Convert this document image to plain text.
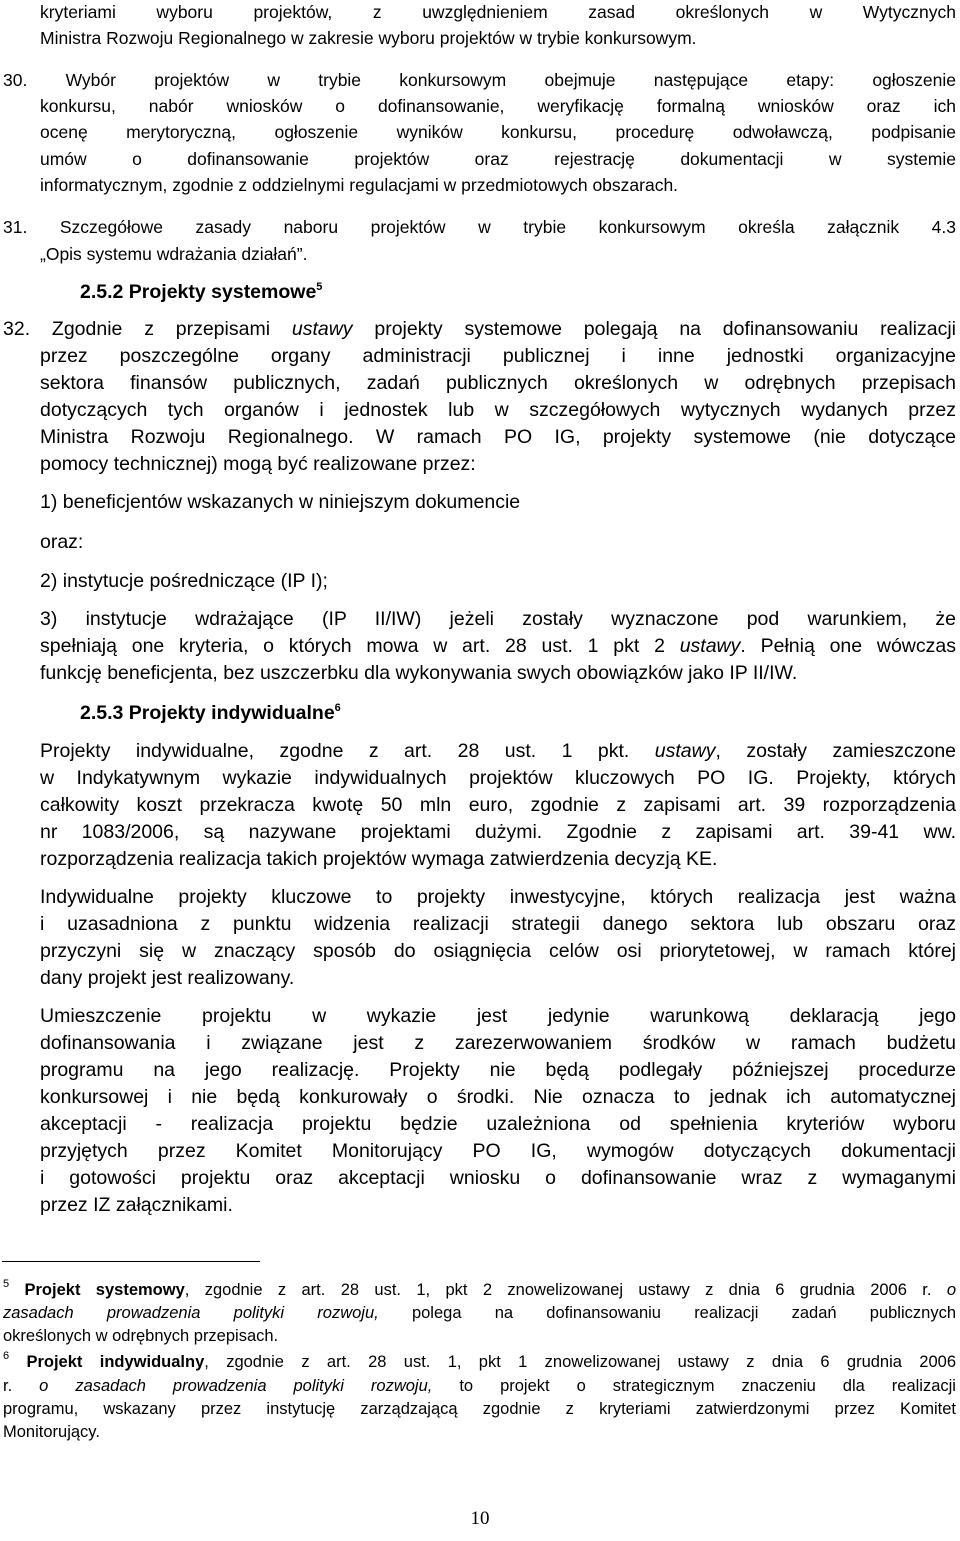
kryteriami wyboru projektów, z uwzględnieniem zasad określonych w Wytycznych
Ministra Rozwoju Regionalnego w zakresie wyboru projektów w trybie konkursowym.
30. Wybór projektów w trybie konkursowym obejmuje następujące etapy: ogłoszenie
konkursu, nabór wniosków o dofinansowanie, weryfikację formalną wniosków oraz ich
ocenę merytoryczną, ogłoszenie wyników konkursu, procedurę odwoławczą, podpisanie
umów o dofinansowanie projektów oraz rejestrację dokumentacji w systemie
informatycznym, zgodnie z oddzielnymi regulacjami w przedmiotowych obszarach.
31. Szczegółowe zasady naboru projektów w trybie konkursowym określa załącznik 4.3
„Opis systemu wdrażania działań”.
2.5.2 Projekty systemowe$^5$
32. Zgodnie z przepisami ustawy projekty systemowe polegają na dofinansowaniu realizacji
przez poszczególne organy administracji publicznej i inne jednostki organizacyjne
sektora finansów publicznych, zadań publicznych określonych w odrębnych przepisach
dotyczących tych organów i jednostek lub w szczegółowych wytycznych wydanych przez
Ministra Rozwoju Regionalnego. W ramach PO IG, projekty systemowe (nie dotyczące
pomocy technicznej) mogą być realizowane przez:
1) beneficjentów wskazanych w niniejszym dokumencie
oraz:
2) instytucje pośredniczące (IP I);
3) instytucje wdrażające (IP II/IW) jeżeli zostały wyznaczone pod warunkiem, że
spełniają one kryteria, o których mowa w art. 28 ust. 1 pkt 2 ustawy. Pełnią one wówczas
funkcję beneficjenta, bez uszczerbku dla wykonywania swych obowiązków jako IP II/IW.
2.5.3 Projekty indywidualne$^6$
Projekty indywidualne, zgodne z art. 28 ust. 1 pkt. ustawy, zostały zamieszczone
w Indykatywnym wykazie indywidualnych projektów kluczowych PO IG. Projekty, których
całkowity koszt przekracza kwotę 50 mln euro, zgodnie z zapisami art. 39 rozporządzenia
nr 1083/2006, są nazywane projektami dużymi. Zgodnie z zapisami art. 39-41 ww.
rozporządzenia realizacja takich projektów wymaga zatwierdzenia decyzją KE.
Indywidualne projekty kluczowe to projekty inwestycyjne, których realizacja jest ważna
i uzasadniona z punktu widzenia realizacji strategii danego sektora lub obszaru oraz
przyczyni się w znaczący sposób do osiągnięcia celów osi priorytetowej, w ramach której
dany projekt jest realizowany.
Umieszczenie projektu w wykazie jest jedynie warunkową deklaracją jego
dofinansowania i związane jest z zarezerwowaniem środków w ramach budżetu
programu na jego realizację. Projekty nie będą podlegały późniejszej procedurze
konkursowej i nie będą konkurowały o środki. Nie oznacza to jednak ich automatycznej
akceptacji - realizacja projektu będzie uzależniona od spełnienia kryteriów wyboru
przyjętych przez Komitet Monitorujący PO IG, wymogów dotyczących dokumentacji
i gotowości projektu oraz akceptacji wniosku o dofinansowanie wraz z wymaganymi
przez IZ załącznikami.
$^5$ Projekt systemowy, zgodnie z art. 28 ust. 1, pkt 2 znowelizowanej ustawy z dnia 6 grudnia 2006 r. o
zasadach prowadzenia polityki rozwoju, polega na dofinansowaniu realizacji zadań publicznych
określonych w odrębnych przepisach.
$^6$ Projekt indywidualny, zgodnie z art. 28 ust. 1, pkt 1 znowelizowanej ustawy z dnia 6 grudnia 2006
r. o zasadach prowadzenia polityki rozwoju, to projekt o strategicznym znaczeniu dla realizacji
programu, wskazany przez instytucję zarządzającą zgodnie z kryteriami zatwierdzonymi przez Komitet
Monitorujący.
10
